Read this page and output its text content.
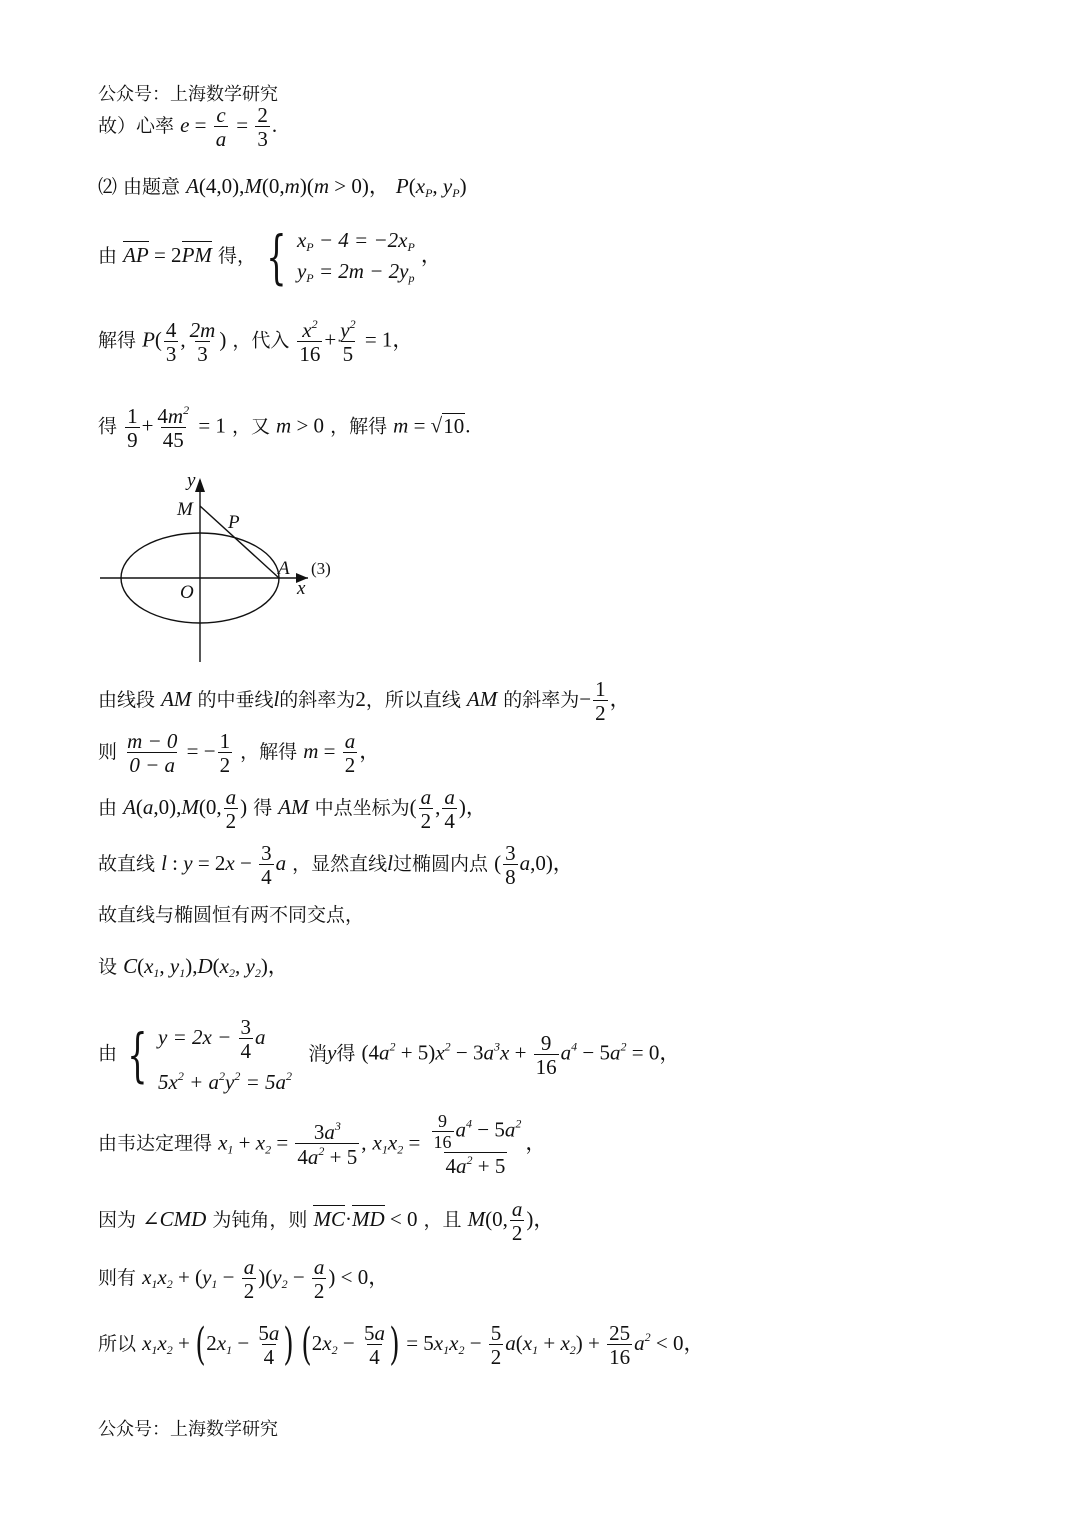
公众号：上海数学研究
故）心率 $e = \frac{c}{a} = \frac{2}{3}$ .
⑵ 由题意 A(4,0),M(0,m)(m > 0)， $P(x_P$, $y_P$)
由 AP = 2PM 得， { $x_P - 4 = -2x_P$
$y_P = 2m - 2y_p$
，
解得 $P( \frac{4}{3}$ , $\frac{2m}{3}$ ) ，代入 $\frac{x^2}{16} + \frac{y^2}{5} = 1$，
得 $\frac{1}{9} + \frac{4m^2}{45} = 1$ ，又 m > 0 ，解得 m = √10.
y
M
P
A
O	x
(3)
由线段 AM 的中垂线l的斜率为2，所以直线 AM 的斜率为− $\frac{1}{2}$ ，
则 $\frac{m - 0}{0 - a}$ = − $\frac{1}{2}$ ，解得 $m = \frac{a}{2}$ ，
由 A(a,0),M(0, $\frac{a}{2}$ ) 得 AM 中点坐标为( $\frac{a}{2}$ , $\frac{a}{4}$ )，
故直线 l : $y = 2x - \frac{3}{4}$ a ，显然直线l过椭圆内点 ( $\frac{3}{8} a,0$)，
故直线与椭圆恒有两不同交点，
设 $C(x_1$, $y_1),D(x_2$, $y_2$)，
由 { $y = 2x - \frac{3}{4}$ a
$5x^2 + a^2y^2 = 5a^2$
消y得 $(4a^2 + 5)x^2 - 3a^3x + \frac{9}{16} a^4 - 5a^2 = 0$，
由韦达定理得 $x_1 + x_2 = \frac{3a^3}{4a^2 + 5}$ , $x_1x_2 = \frac{\frac{9}{16} a^4 - 5a^2}{4a^2 + 5}$ ，
因为 ∠CMD 为钝角，则 MC·MD < 0 ，且 M(0, $\frac{a}{2}$ )，
则有 $x_1x_2 + (y_1 - \frac{a}{2} )(y_2 - \frac{a}{2}$ ) < 0，
所以 $x_1x_2 + (2x_1 - \frac{5a}{4}$ ) ($2x_2 - \frac{5a}{4}$ ) = $5x_1x_2 - \frac{5}{2} a(x_1 + x_2) + \frac{25}{16} a^2 < 0$，
公众号：上海数学研究
